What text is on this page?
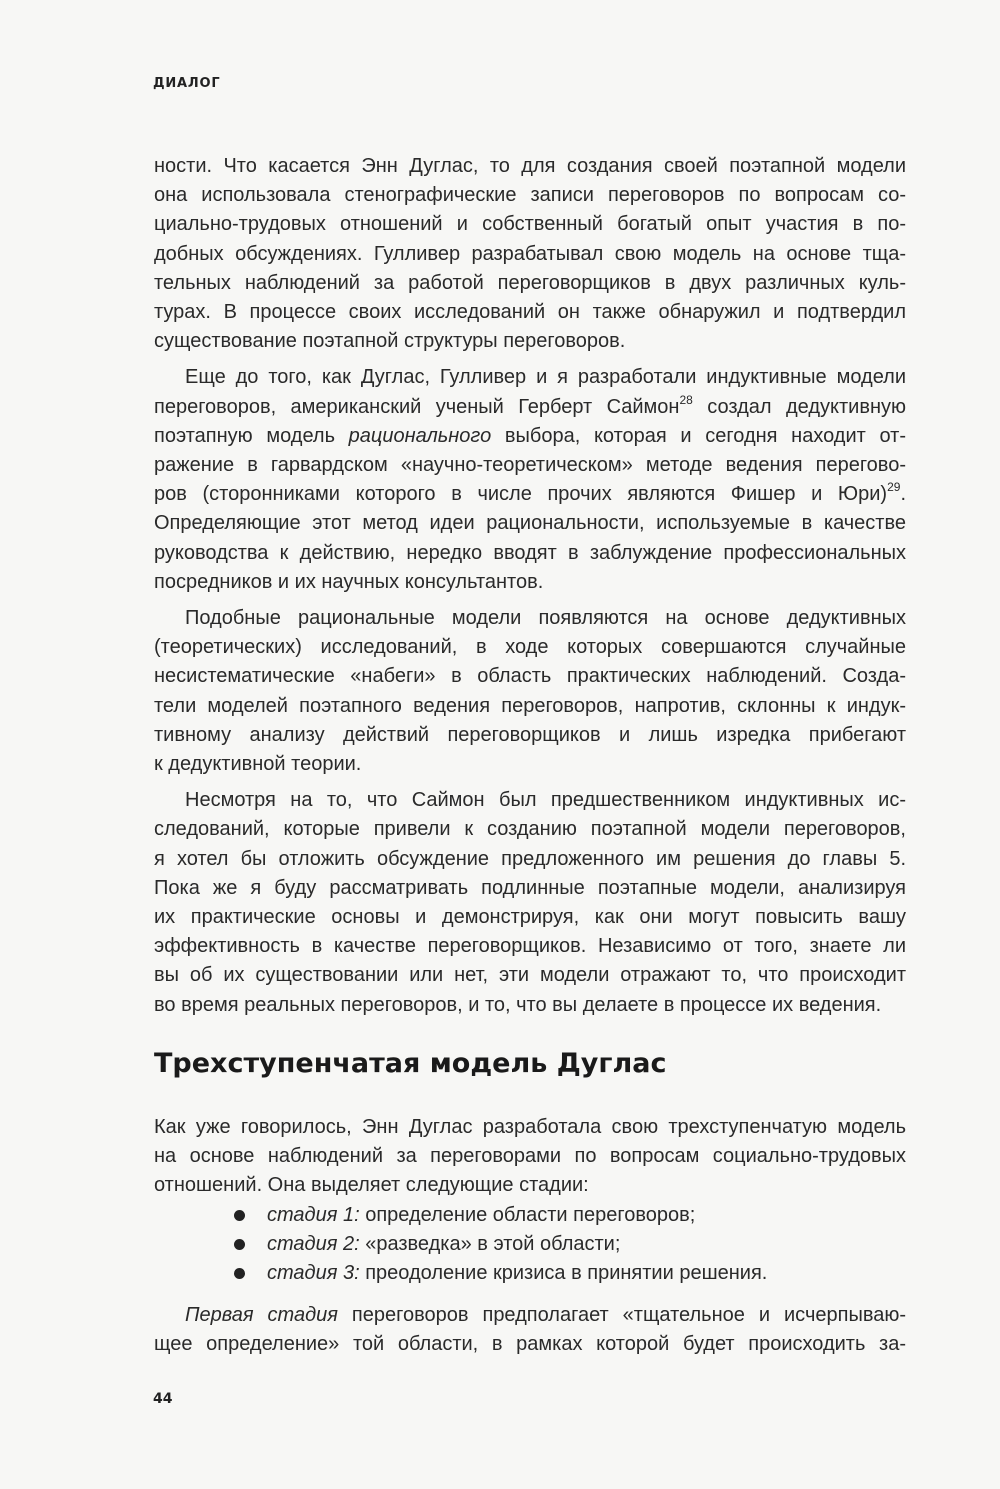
ДИАЛОГ

ности. Что касается Энн Дуглас, то для создания своей поэтапной модели
она использовала стенографические записи переговоров по вопросам со-
циально-трудовых отношений и собственный богатый опыт участия в по-
добных обсуждениях. Гулливер разрабатывал свою модель на основе тща-
тельных наблюдений за работой переговорщиков в двух различных куль-
турах. В процессе своих исследований он также обнаружил и подтвердил
существование поэтапной структуры переговоров.

Еще до того, как Дуглас, Гулливер и я разработали индуктивные модели
переговоров, американский ученый Герберт Саймон$^{28}$ создал дедуктивную
поэтапную модель рационального выбора, которая и сегодня находит от-
ражение в гарвардском «научно-теоретическом» методе ведения перегово-
ров (сторонниками которого в числе прочих являются Фишер и Юри)$^{29}$.
Определяющие этот метод идеи рациональности, используемые в качестве
руководства к действию, нередко вводят в заблуждение профессиональных
посредников и их научных консультантов.

Подобные рациональные модели появляются на основе дедуктивных
(теоретических) исследований, в ходе которых совершаются случайные
несистематические «набеги» в область практических наблюдений. Созда-
тели моделей поэтапного ведения переговоров, напротив, склонны к индук-
тивному анализу действий переговорщиков и лишь изредка прибегают
к дедуктивной теории.

Несмотря на то, что Саймон был предшественником индуктивных ис-
следований, которые привели к созданию поэтапной модели переговоров,
я хотел бы отложить обсуждение предложенного им решения до главы 5.
Пока же я буду рассматривать подлинные поэтапные модели, анализируя
их практические основы и демонстрируя, как они могут повысить вашу
эффективность в качестве переговорщиков. Независимо от того, знаете ли
вы об их существовании или нет, эти модели отражают то, что происходит
во время реальных переговоров, и то, что вы делаете в процессе их ведения.

Трехступенчатая модель Дуглас

Как уже говорилось, Энн Дуглас разработала свою трехступенчатую модель
на основе наблюдений за переговорами по вопросам социально-трудовых
отношений. Она выделяет следующие стадии:

стадия 1: определение области переговоров;
стадия 2: «разведка» в этой области;
стадия 3: преодоление кризиса в принятии решения.

Первая стадия переговоров предполагает «тщательное и исчерпываю-
щее определение» той области, в рамках которой будет происходить за-

44
